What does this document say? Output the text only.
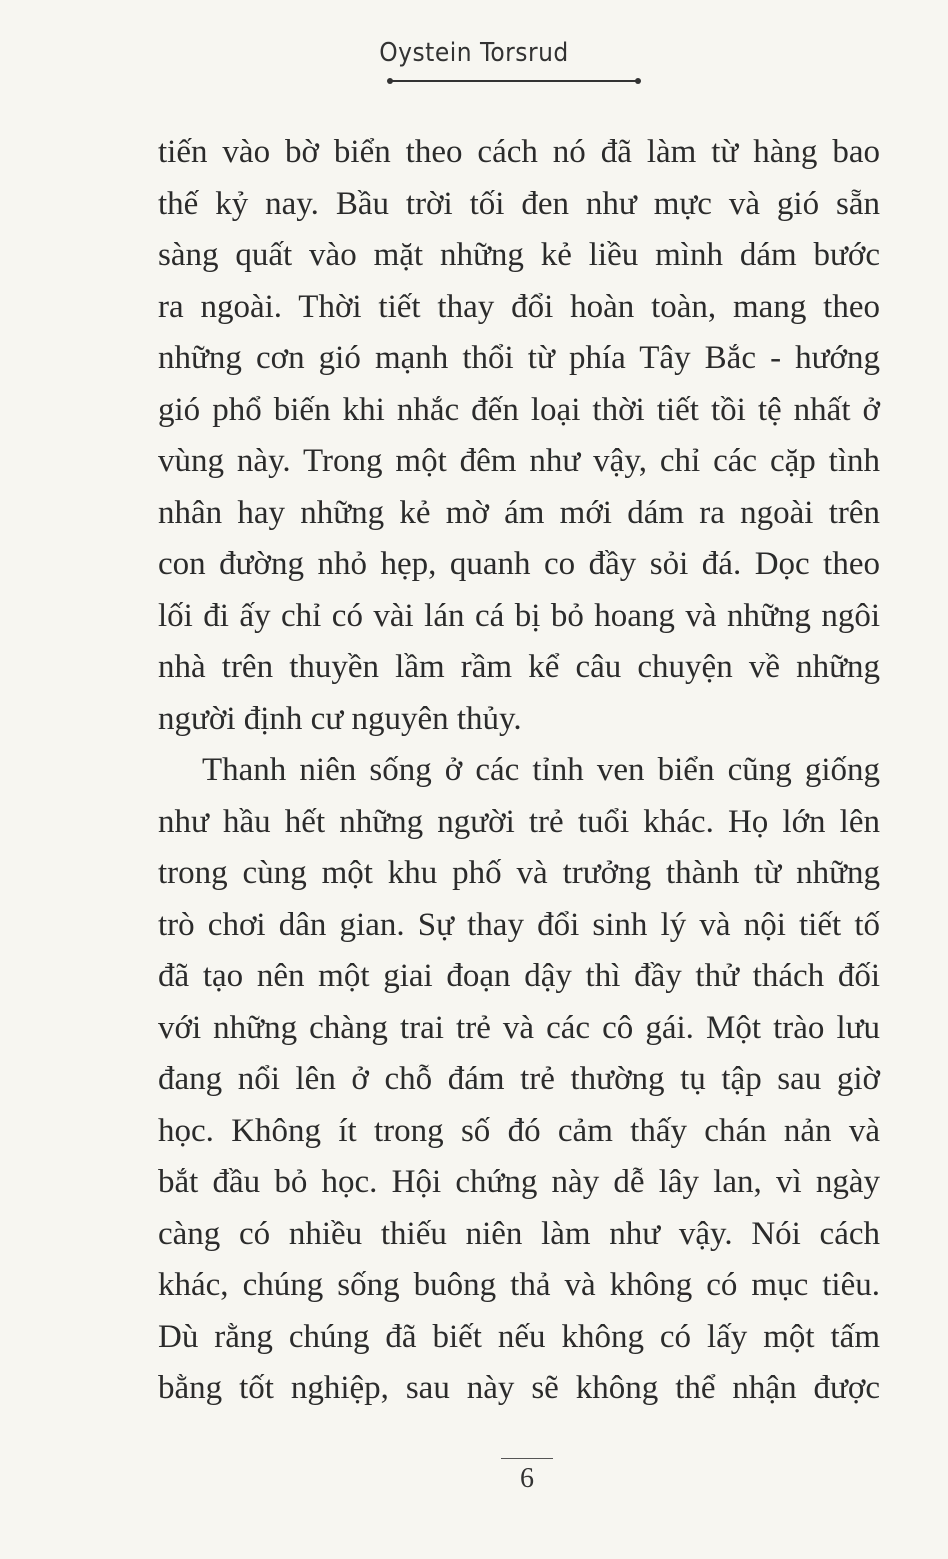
Oystein Torsrud

tiến vào bờ biển theo cách nó đã làm từ hàng bao

thế kỷ nay. Bầu trời tối đen như mực và gió sẵn

sàng quất vào mặt những kẻ liều mình dám bước

ra ngoài. Thời tiết thay đổi hoàn toàn, mang theo

những cơn gió mạnh thổi từ phía Tây Bắc - hướng

gió phổ biến khi nhắc đến loại thời tiết tồi tệ nhất ở

vùng này. Trong một đêm như vậy, chỉ các cặp tình

nhân hay những kẻ mờ ám mới dám ra ngoài trên

con đường nhỏ hẹp, quanh co đầy sỏi đá. Dọc theo

lối đi ấy chỉ có vài lán cá bị bỏ hoang và những ngôi

nhà trên thuyền lầm rầm kể câu chuyện về những

người định cư nguyên thủy.

Thanh niên sống ở các tỉnh ven biển cũng giống

như hầu hết những người trẻ tuổi khác. Họ lớn lên

trong cùng một khu phố và trưởng thành từ những

trò chơi dân gian. Sự thay đổi sinh lý và nội tiết tố

đã tạo nên một giai đoạn dậy thì đầy thử thách đối

với những chàng trai trẻ và các cô gái. Một trào lưu

đang nổi lên ở chỗ đám trẻ thường tụ tập sau giờ

học. Không ít trong số đó cảm thấy chán nản và

bắt đầu bỏ học. Hội chứng này dễ lây lan, vì ngày

càng có nhiều thiếu niên làm như vậy. Nói cách

khác, chúng sống buông thả và không có mục tiêu.

Dù rằng chúng đã biết nếu không có lấy một tấm

bằng tốt nghiệp, sau này sẽ không thể nhận được

6
